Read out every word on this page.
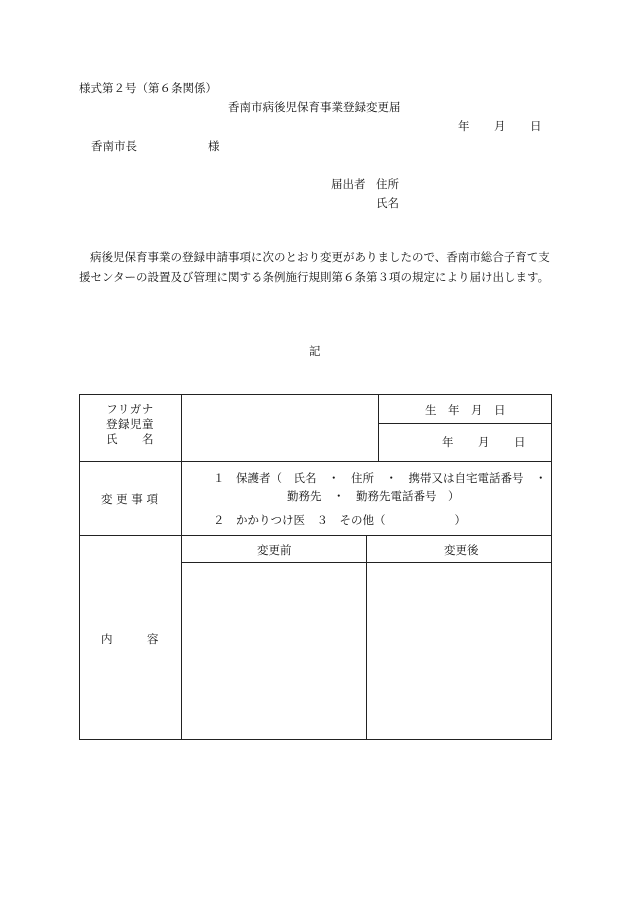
様式第２号（第６条関係）
香南市病後児保育事業登録変更届
年 月 日
香南市長	様
届出者 住所
氏名
病後児保育事業の登録申請事項に次のとおり変更がありましたので、香南市総合子育て支援センターの設置及び管理に関する条例施行規則第６条第３項の規定により届け出します。
記
フリガナ
登録児童
氏　　名
生　年　月　日
年 月 日
変 更 事 項
１　保護者（　氏名　・　住所　・　携帯又は自宅電話番号　・
勤務先　・　勤務先電話番号　）
２　かかりつけ医　３　その他（　　　　　　）
内　　　容
変更前	変更後
